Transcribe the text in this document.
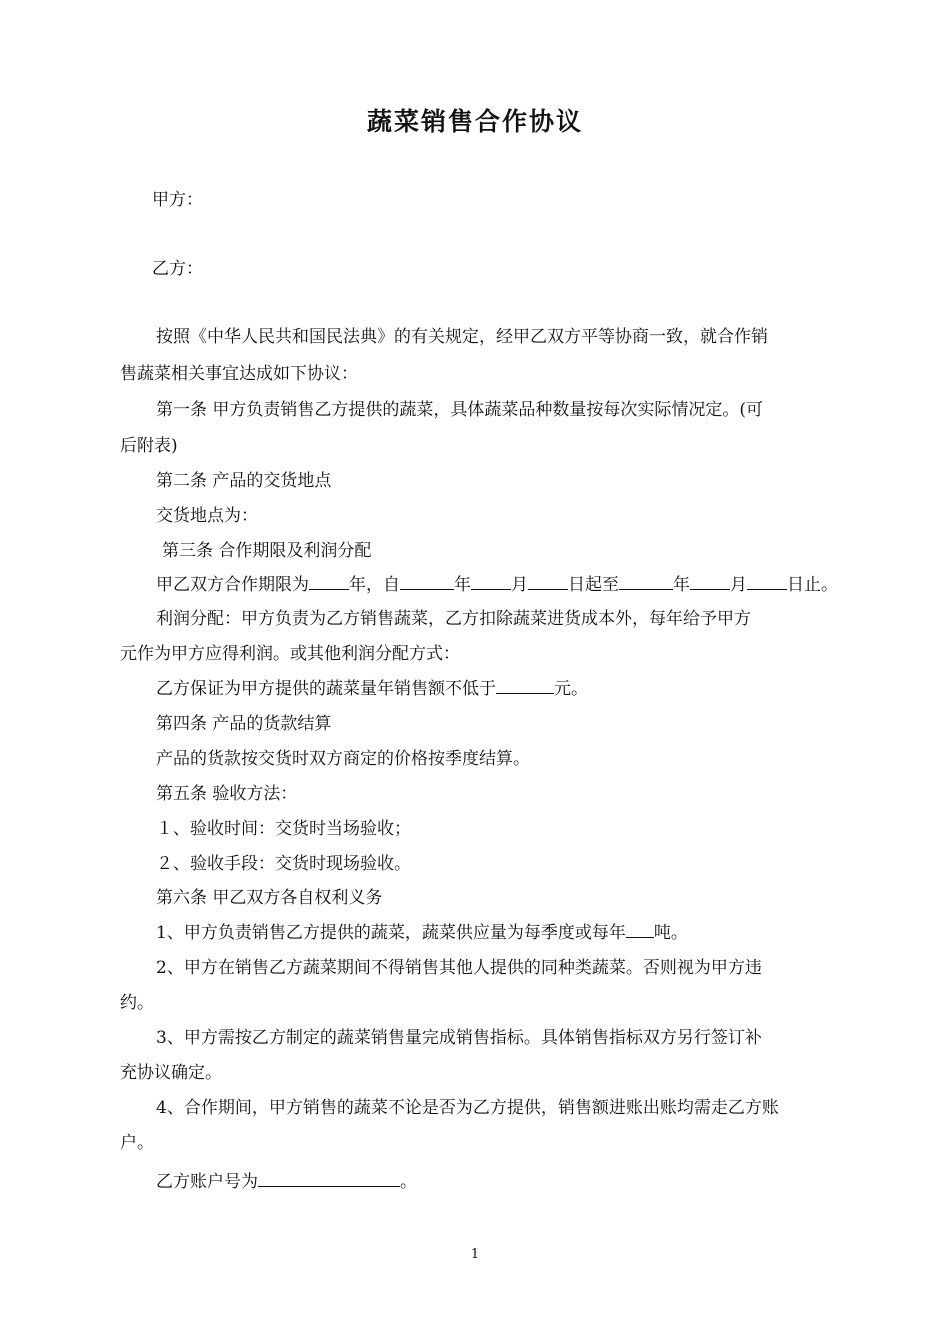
蔬菜销售合作协议
甲方：
乙方：
按照《中华人民共和国民法典》的有关规定，经甲乙双方平等协商一致，就合作销
售蔬菜相关事宜达成如下协议：
第一条 甲方负责销售乙方提供的蔬菜，具体蔬菜品种数量按每次实际情况定。(可
后附表)
第二条 产品的交货地点
交货地点为：
第三条 合作期限及利润分配
甲乙双方合作期限为 年，自	年 月 日起至	年 月 日止。
利润分配：甲方负责为乙方销售蔬菜，乙方扣除蔬菜进货成本外，每年给予甲方
元作为甲方应得利润。或其他利润分配方式：
乙方保证为甲方提供的蔬菜量年销售额不低于	元。
第四条 产品的货款结算
产品的货款按交货时双方商定的价格按季度结算。
第五条 验收方法：
１、验收时间：交货时当场验收；
２、验收手段：交货时现场验收。
第六条 甲乙双方各自权利义务
1、甲方负责销售乙方提供的蔬菜，蔬菜供应量为每季度或每年 吨。
2、甲方在销售乙方蔬菜期间不得销售其他人提供的同种类蔬菜。否则视为甲方违
约。
3、甲方需按乙方制定的蔬菜销售量完成销售指标。具体销售指标双方另行签订补
充协议确定。
4、合作期间，甲方销售的蔬菜不论是否为乙方提供，销售额进账出账均需走乙方账
户。
乙方账户号为	。
1
